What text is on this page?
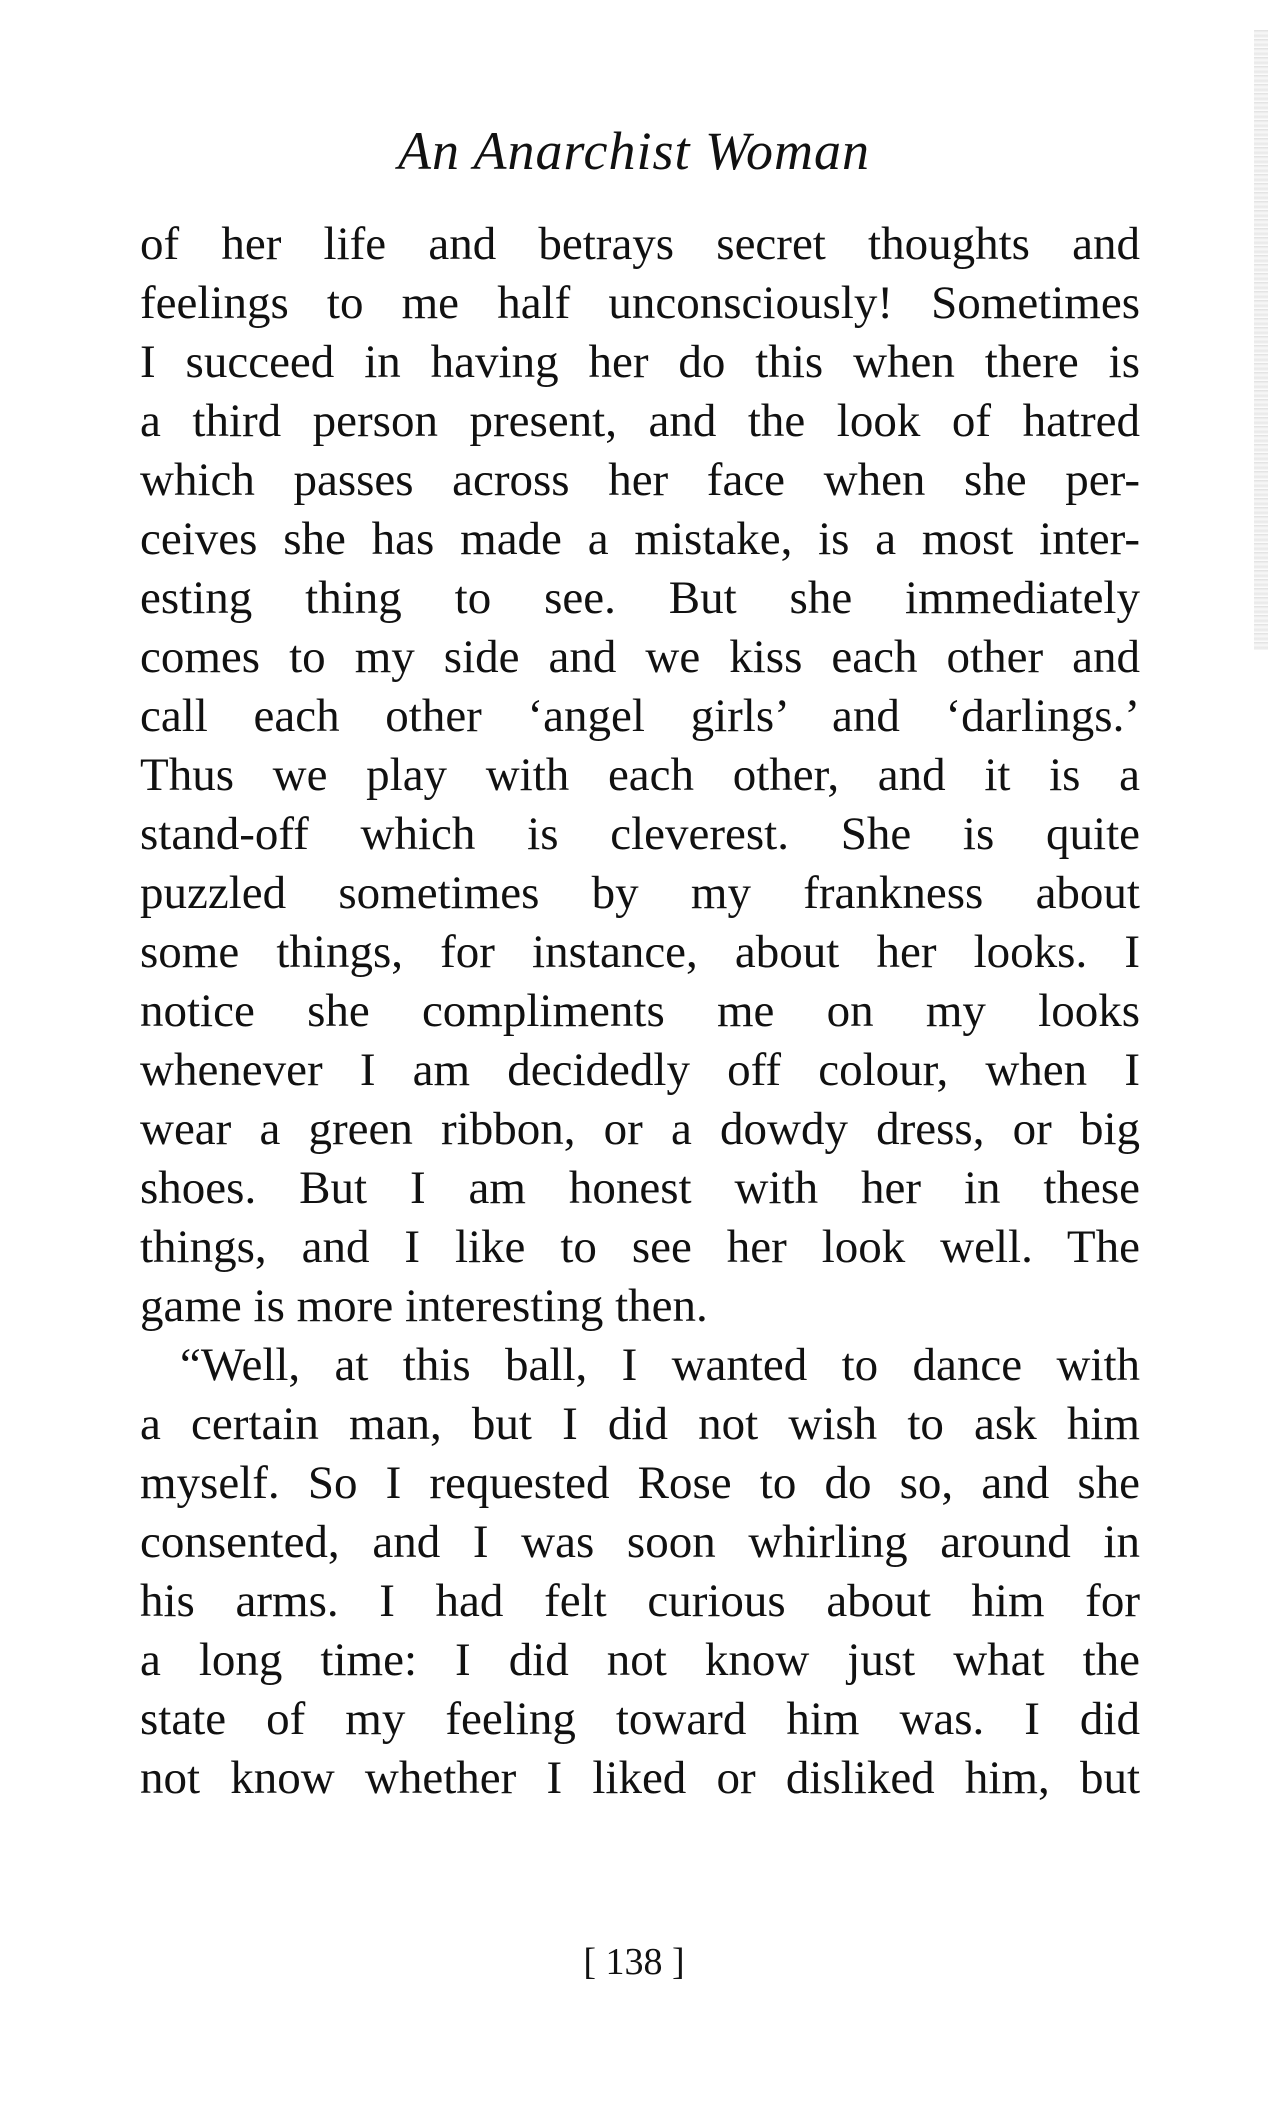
An Anarchist Woman
of her life and betrays secret thoughts and
feelings to me half unconsciously! Sometimes
I succeed in having her do this when there is
a third person present, and the look of hatred
which passes across her face when she per-
ceives she has made a mistake, is a most inter-
esting thing to see. But she immediately
comes to my side and we kiss each other and
call each other ‘angel girls’ and ‘darlings.’
Thus we play with each other, and it is a
stand-off which is cleverest. She is quite
puzzled sometimes by my frankness about
some things, for instance, about her looks. I
notice she compliments me on my looks
whenever I am decidedly off colour, when I
wear a green ribbon, or a dowdy dress, or big
shoes. But I am honest with her in these
things, and I like to see her look well. The
game is more interesting then.
“Well, at this ball, I wanted to dance with
a certain man, but I did not wish to ask him
myself. So I requested Rose to do so, and she
consented, and I was soon whirling around in
his arms. I had felt curious about him for
a long time: I did not know just what the
state of my feeling toward him was. I did
not know whether I liked or disliked him, but
[ 138 ]
